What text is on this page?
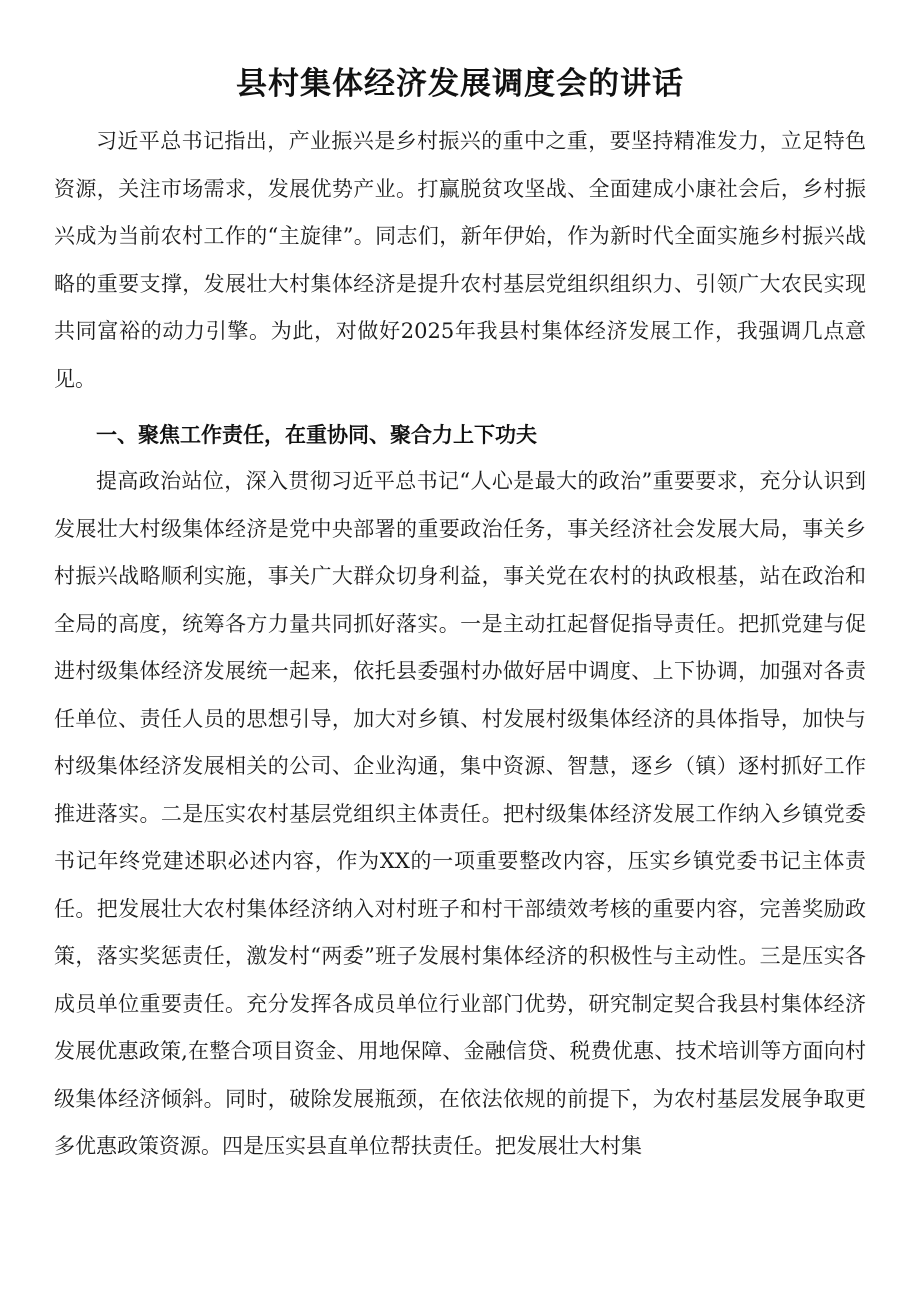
县村集体经济发展调度会的讲话

习近平总书记指出，产业振兴是乡村振兴的重中之重，要坚持精准发力，立足特色资源，关注市场需求，发展优势产业。打赢脱贫攻坚战、全面建成小康社会后，乡村振兴成为当前农村工作的“主旋律”。同志们，新年伊始，作为新时代全面实施乡村振兴战略的重要支撑，发展壮大村集体经济是提升农村基层党组织组织力、引领广大农民实现共同富裕的动力引擎。为此，对做好2025年我县村集体经济发展工作，我强调几点意见。

一、聚焦工作责任，在重协同、聚合力上下功夫

提高政治站位，深入贯彻习近平总书记“人心是最大的政治”重要要求，充分认识到发展壮大村级集体经济是党中央部署的重要政治任务，事关经济社会发展大局，事关乡村振兴战略顺利实施，事关广大群众切身利益，事关党在农村的执政根基，站在政治和全局的高度，统筹各方力量共同抓好落实。一是主动扛起督促指导责任。把抓党建与促进村级集体经济发展统一起来，依托县委强村办做好居中调度、上下协调，加强对各责任单位、责任人员的思想引导，加大对乡镇、村发展村级集体经济的具体指导，加快与村级集体经济发展相关的公司、企业沟通，集中资源、智慧，逐乡（镇）逐村抓好工作推进落实。二是压实农村基层党组织主体责任。把村级集体经济发展工作纳入乡镇党委书记年终党建述职必述内容，作为XX的一项重要整改内容，压实乡镇党委书记主体责任。把发展壮大农村集体经济纳入对村班子和村干部绩效考核的重要内容，完善奖励政策，落实奖惩责任，激发村“两委”班子发展村集体经济的积极性与主动性。三是压实各成员单位重要责任。充分发挥各成员单位行业部门优势，研究制定契合我县村集体经济发展优惠政策,在整合项目资金、用地保障、金融信贷、税费优惠、技术培训等方面向村级集体经济倾斜。同时，破除发展瓶颈，在依法依规的前提下，为农村基层发展争取更多优惠政策资源。四是压实县直单位帮扶责任。把发展壮大村集
